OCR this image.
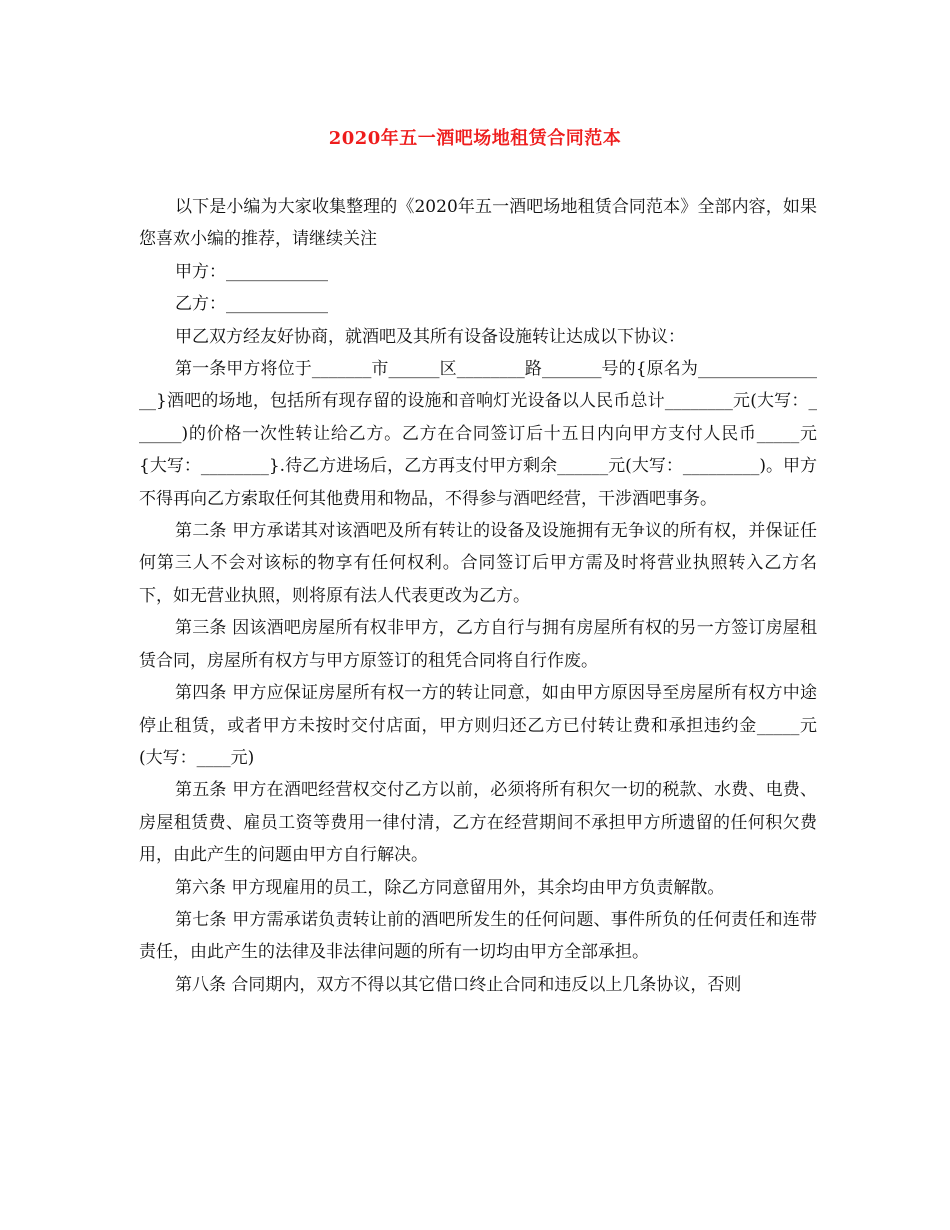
2020年五一酒吧场地租赁合同范本

以下是小编为大家收集整理的《2020年五一酒吧场地租赁合同范本》全部内容，如果您喜欢小编的推荐，请继续关注

甲方：____________

乙方：____________

甲乙双方经友好协商，就酒吧及其所有设备设施转让达成以下协议：

第一条甲方将位于_______市______区________路_______号的{原名为________________}酒吧的场地，包括所有现存留的设施和音响灯光设备以人民币总计________元(大写：______)的价格一次性转让给乙方。乙方在合同签订后十五日内向甲方支付人民币_____元{大写：________}.待乙方进场后，乙方再支付甲方剩余______元(大写：_________)。甲方不得再向乙方索取任何其他费用和物品，不得参与酒吧经营，干涉酒吧事务。

第二条 甲方承诺其对该酒吧及所有转让的设备及设施拥有无争议的所有权，并保证任何第三人不会对该标的物享有任何权利。合同签订后甲方需及时将营业执照转入乙方名下，如无营业执照，则将原有法人代表更改为乙方。

第三条 因该酒吧房屋所有权非甲方，乙方自行与拥有房屋所有权的另一方签订房屋租赁合同，房屋所有权方与甲方原签订的租凭合同将自行作废。

第四条 甲方应保证房屋所有权一方的转让同意，如由甲方原因导至房屋所有权方中途停止租赁，或者甲方未按时交付店面，甲方则归还乙方已付转让费和承担违约金_____元(大写：____元)

第五条 甲方在酒吧经营权交付乙方以前，必须将所有积欠一切的税款、水费、电费、房屋租赁费、雇员工资等费用一律付清，乙方在经营期间不承担甲方所遗留的任何积欠费用，由此产生的问题由甲方自行解决。

第六条 甲方现雇用的员工，除乙方同意留用外，其余均由甲方负责解散。

第七条 甲方需承诺负责转让前的酒吧所发生的任何问题、事件所负的任何责任和连带责任，由此产生的法律及非法律问题的所有一切均由甲方全部承担。

第八条 合同期内，双方不得以其它借口终止合同和违反以上几条协议，否则
